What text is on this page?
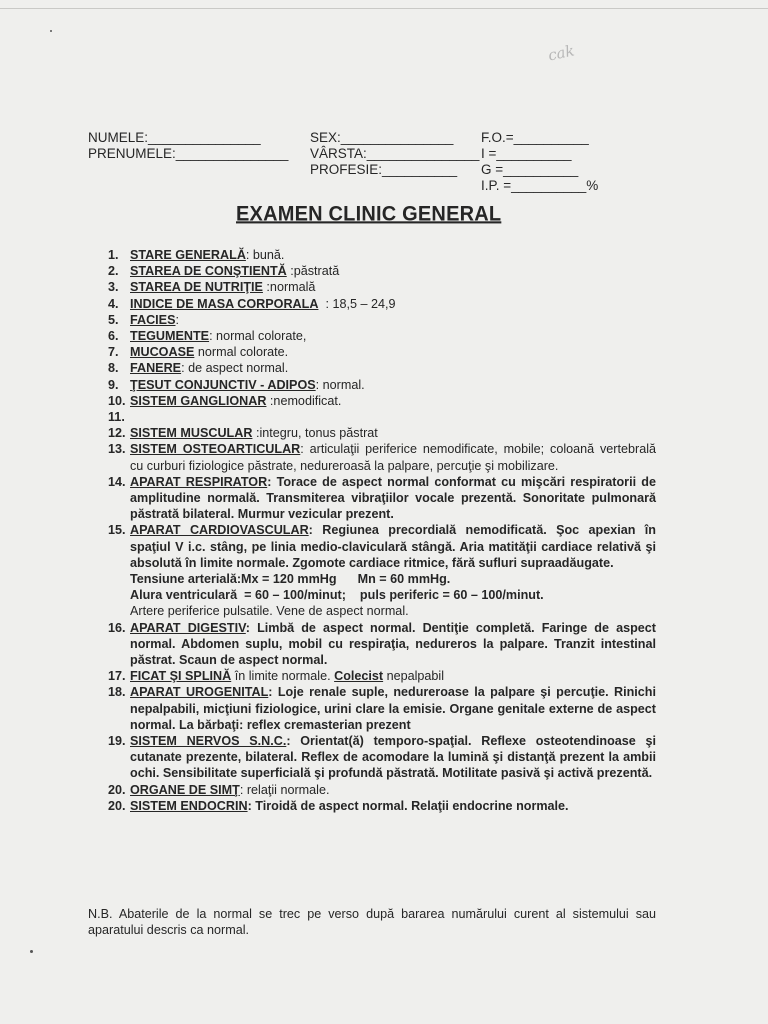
cak
NUMELE:_______________	SEX:_______________ F.O.=__________
PRENUMELE:_______________ VÂRSTA:_______________ I =__________
PROFESIE:__________ G =__________
I.P. =__________%
EXAMEN CLINIC GENERAL
1. STARE GENERALĂ: bună.
2. STAREA DE CONŞTIENTĂ :păstrată
3. STAREA DE NUTRIŢIE :normală
4. INDICE DE MASA CORPORALA  : 18,5 – 24,9
5. FACIES:
6. TEGUMENTE: normal colorate,
7. MUCOASE normal colorate.
8. FANERE: de aspect normal.
9. ŢESUT CONJUNCTIV - ADIPOS: normal.
10. SISTEM GANGLIONAR :nemodificat.
11.
12. SISTEM MUSCULAR :integru, tonus păstrat
13. SISTEM OSTEOARTICULAR: articulaţii periferice nemodificate, mobile; coloană vertebrală cu curburi fiziologice păstrate, nedureroasă la palpare, percuţie şi mobilizare.
14. APARAT RESPIRATOR: Torace de aspect normal conformat cu mişcări respiratorii de amplitudine normală. Transmiterea vibraţiilor vocale prezentă. Sonoritate pulmonară păstrată bilateral. Murmur vezicular prezent.
15. APARAT CARDIOVASCULAR: Regiunea precordială nemodificată. Şoc apexian în spaţiul V i.c. stâng, pe linia medio-claviculară stângă. Aria matităţii cardiace relativă şi absolută în limite normale. Zgomote cardiace ritmice, fără sufluri supraadăugate.
Tensiune arterială:Mx = 120 mmHg      Mn = 60 mmHg.
Alura ventriculară  = 60 – 100/minut;    puls periferic = 60 – 100/minut.
Artere periferice pulsatile. Vene de aspect normal.
16. APARAT DIGESTIV: Limbă de aspect normal. Dentiţie completă. Faringe de aspect normal. Abdomen suplu, mobil cu respiraţia, nedureros la palpare. Tranzit intestinal păstrat. Scaun de aspect normal.
17. FICAT ŞI SPLINĂ în limite normale. Colecist nepalpabil
18. APARAT UROGENITAL: Loje renale suple, nedureroase la palpare şi percuţie. Rinichi nepalpabili, micţiuni fiziologice, urini clare la emisie. Organe genitale externe de aspect normal. La bărbaţi: reflex cremasterian prezent
19. SISTEM NERVOS S.N.C.: Orientat(ă) temporo-spaţial. Reflexe osteotendinoase şi cutanate prezente, bilateral. Reflex de acomodare la lumină şi distanţă prezent la ambii ochi. Sensibilitate superficială şi profundă păstrată. Motilitate pasivă şi activă prezentă.
20. ORGANE DE SIMŢ: relaţii normale.
20. SISTEM ENDOCRIN: Tiroidă de aspect normal. Relaţii endocrine normale.
N.B. Abaterile de la normal se trec pe verso după bararea numărului curent al sistemului sau aparatului descris ca normal.
